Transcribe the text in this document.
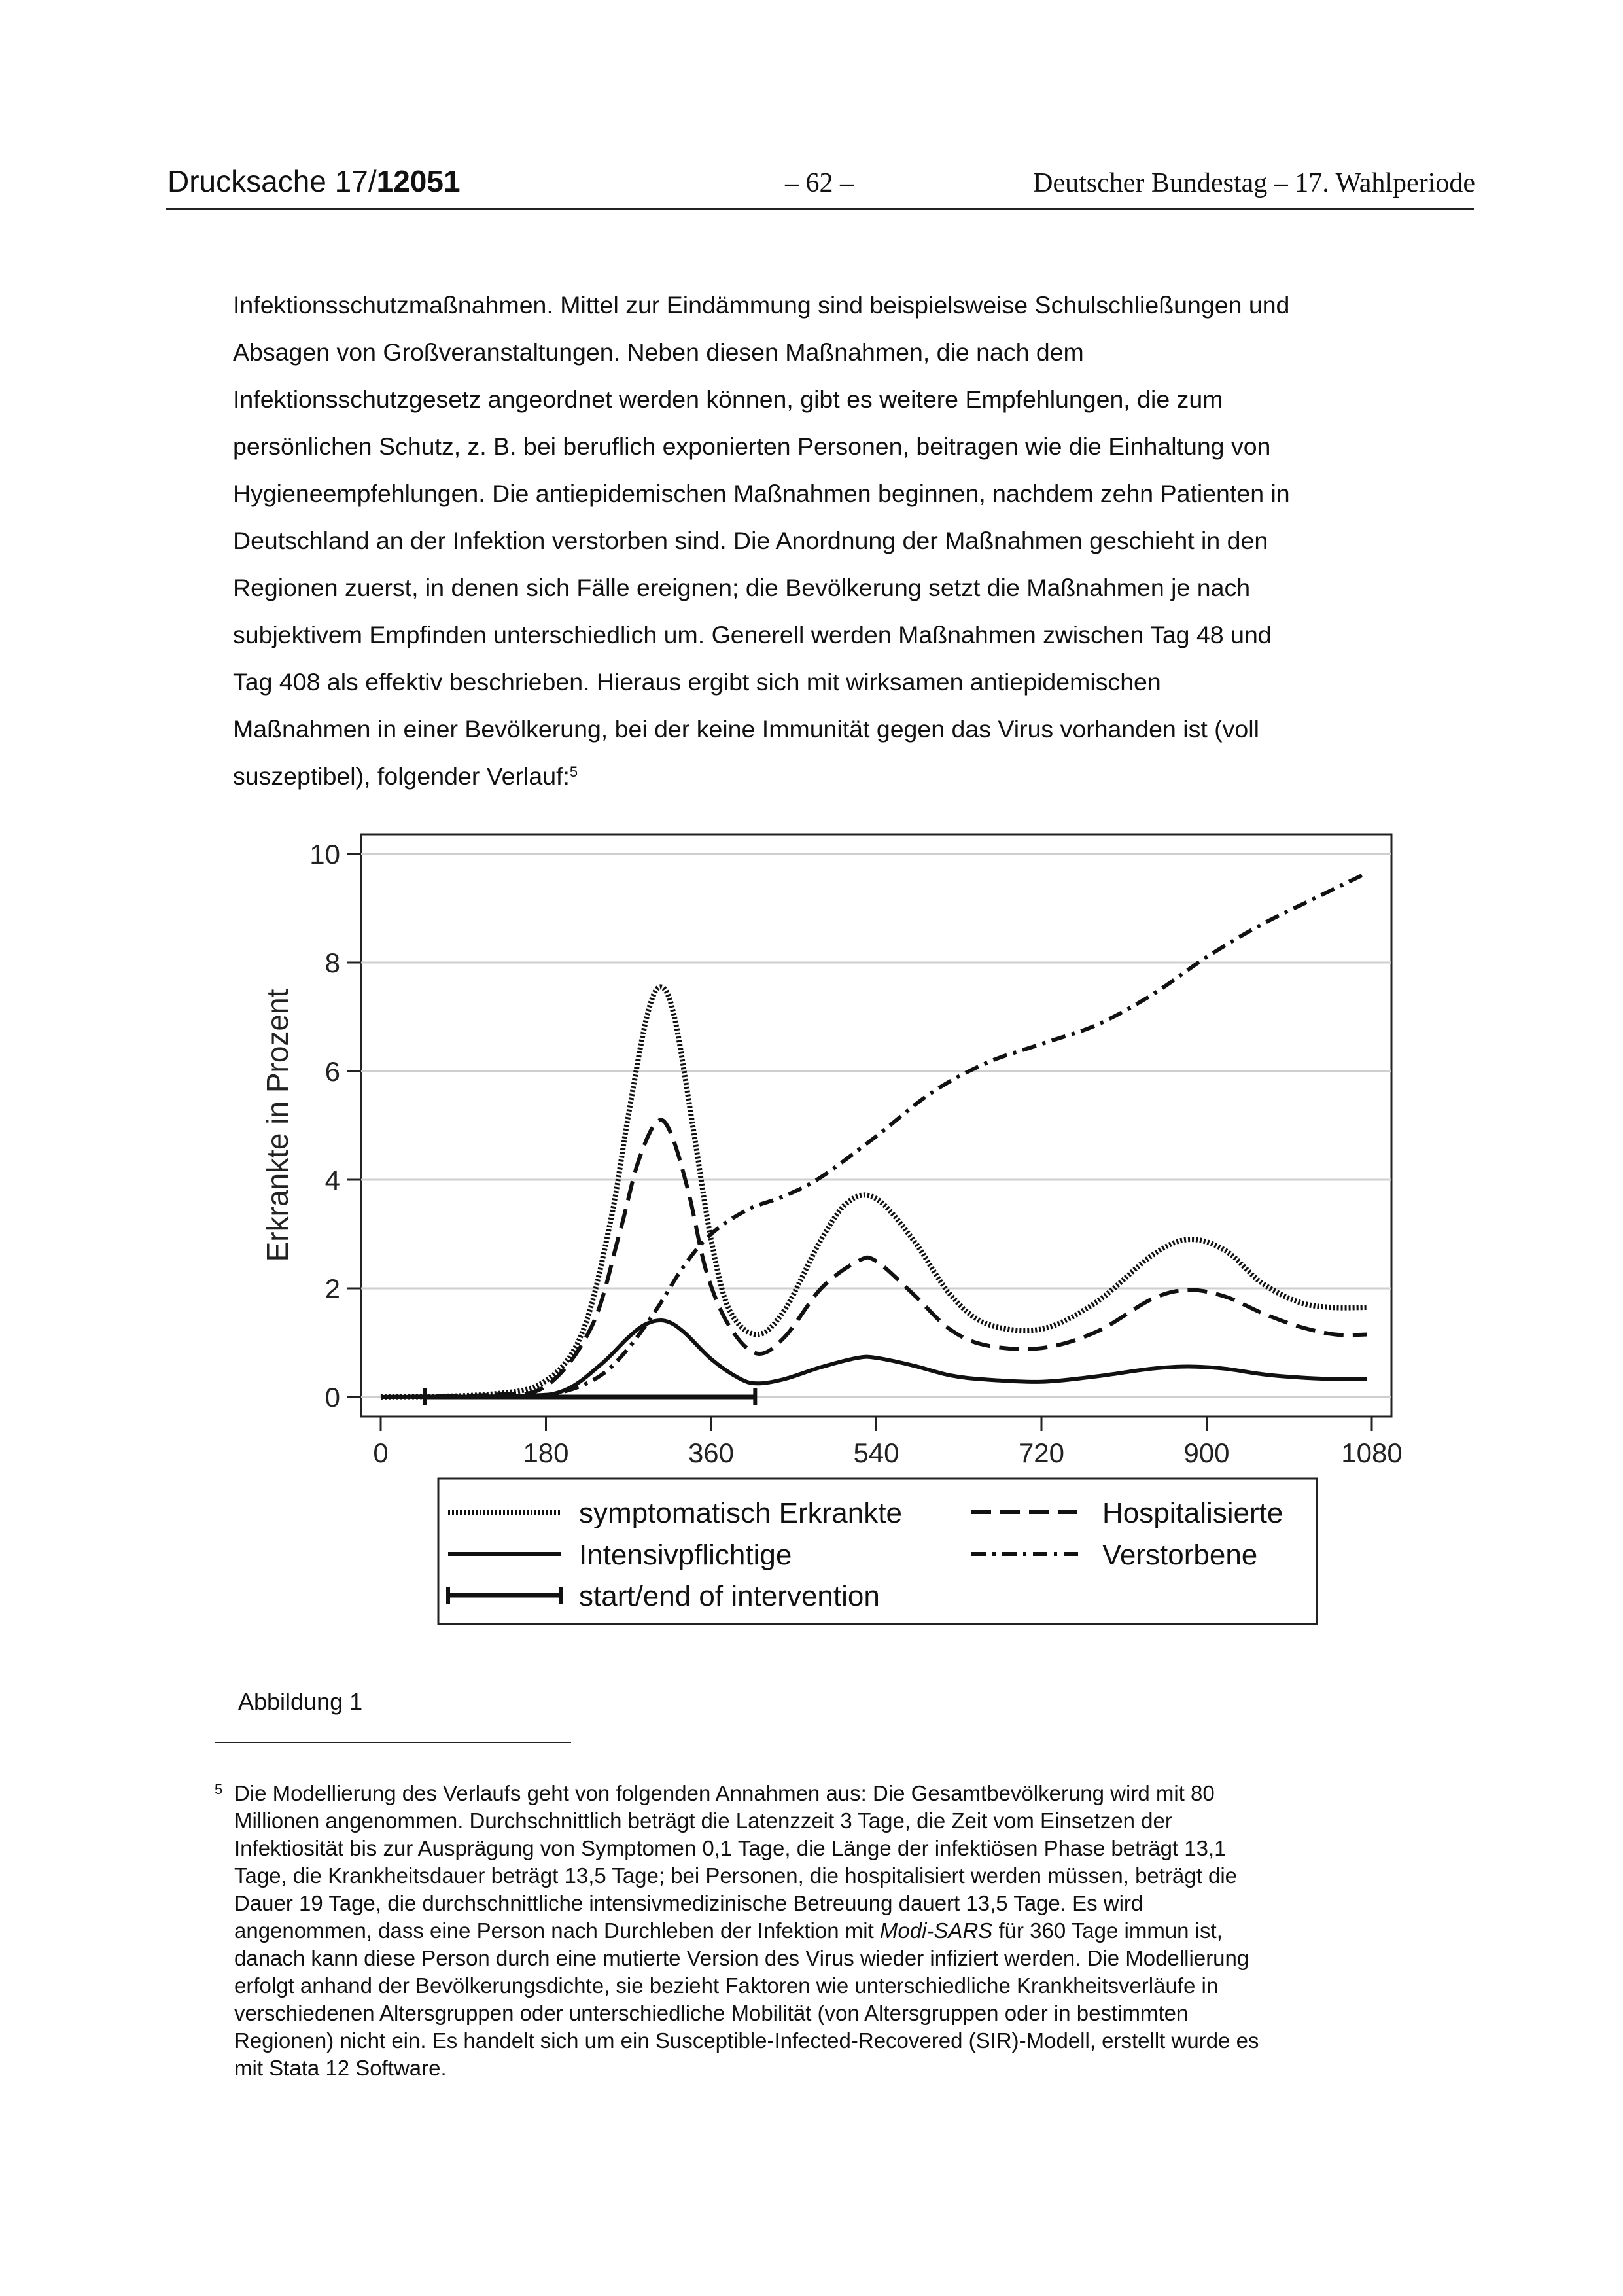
Drucksache 17/12051	– 62 –	Deutscher Bundestag – 17. Wahlperiode
Infektionsschutzmaßnahmen. Mittel zur Eindämmung sind beispielsweise Schulschließungen und
Absagen von Großveranstaltungen. Neben diesen Maßnahmen, die nach dem
Infektionsschutzgesetz angeordnet werden können, gibt es weitere Empfehlungen, die zum
persönlichen Schutz, z. B. bei beruflich exponierten Personen, beitragen wie die Einhaltung von
Hygieneempfehlungen. Die antiepidemischen Maßnahmen beginnen, nachdem zehn Patienten in
Deutschland an der Infektion verstorben sind. Die Anordnung der Maßnahmen geschieht in den
Regionen zuerst, in denen sich Fälle ereignen; die Bevölkerung setzt die Maßnahmen je nach
subjektivem Empfinden unterschiedlich um. Generell werden Maßnahmen zwischen Tag 48 und
Tag 408 als effektiv beschrieben. Hieraus ergibt sich mit wirksamen antiepidemischen
Maßnahmen in einer Bevölkerung, bei der keine Immunität gegen das Virus vorhanden ist (voll
suszeptibel), folgender Verlauf:$^5$
0
2
4
6
8
10
0	180	360	540	720	900	1080
Erkrankte in Prozent
symptomatisch Erkrankte	Hospitalisierte
Intensivpflichtige	Verstorbene
start/end of intervention
Abbildung 1
5 Die Modellierung des Verlaufs geht von folgenden Annahmen aus: Die Gesamtbevölkerung wird mit 80
Millionen angenommen. Durchschnittlich beträgt die Latenzzeit 3 Tage, die Zeit vom Einsetzen der
Infektiosität bis zur Ausprägung von Symptomen 0,1 Tage, die Länge der infektiösen Phase beträgt 13,1
Tage, die Krankheitsdauer beträgt 13,5 Tage; bei Personen, die hospitalisiert werden müssen, beträgt die
Dauer 19 Tage, die durchschnittliche intensivmedizinische Betreuung dauert 13,5 Tage. Es wird
angenommen, dass eine Person nach Durchleben der Infektion mit Modi-SARS für 360 Tage immun ist,
danach kann diese Person durch eine mutierte Version des Virus wieder infiziert werden. Die Modellierung
erfolgt anhand der Bevölkerungsdichte, sie bezieht Faktoren wie unterschiedliche Krankheitsverläufe in
verschiedenen Altersgruppen oder unterschiedliche Mobilität (von Altersgruppen oder in bestimmten
Regionen) nicht ein. Es handelt sich um ein Susceptible-Infected-Recovered (SIR)-Modell, erstellt wurde es
mit Stata 12 Software.
